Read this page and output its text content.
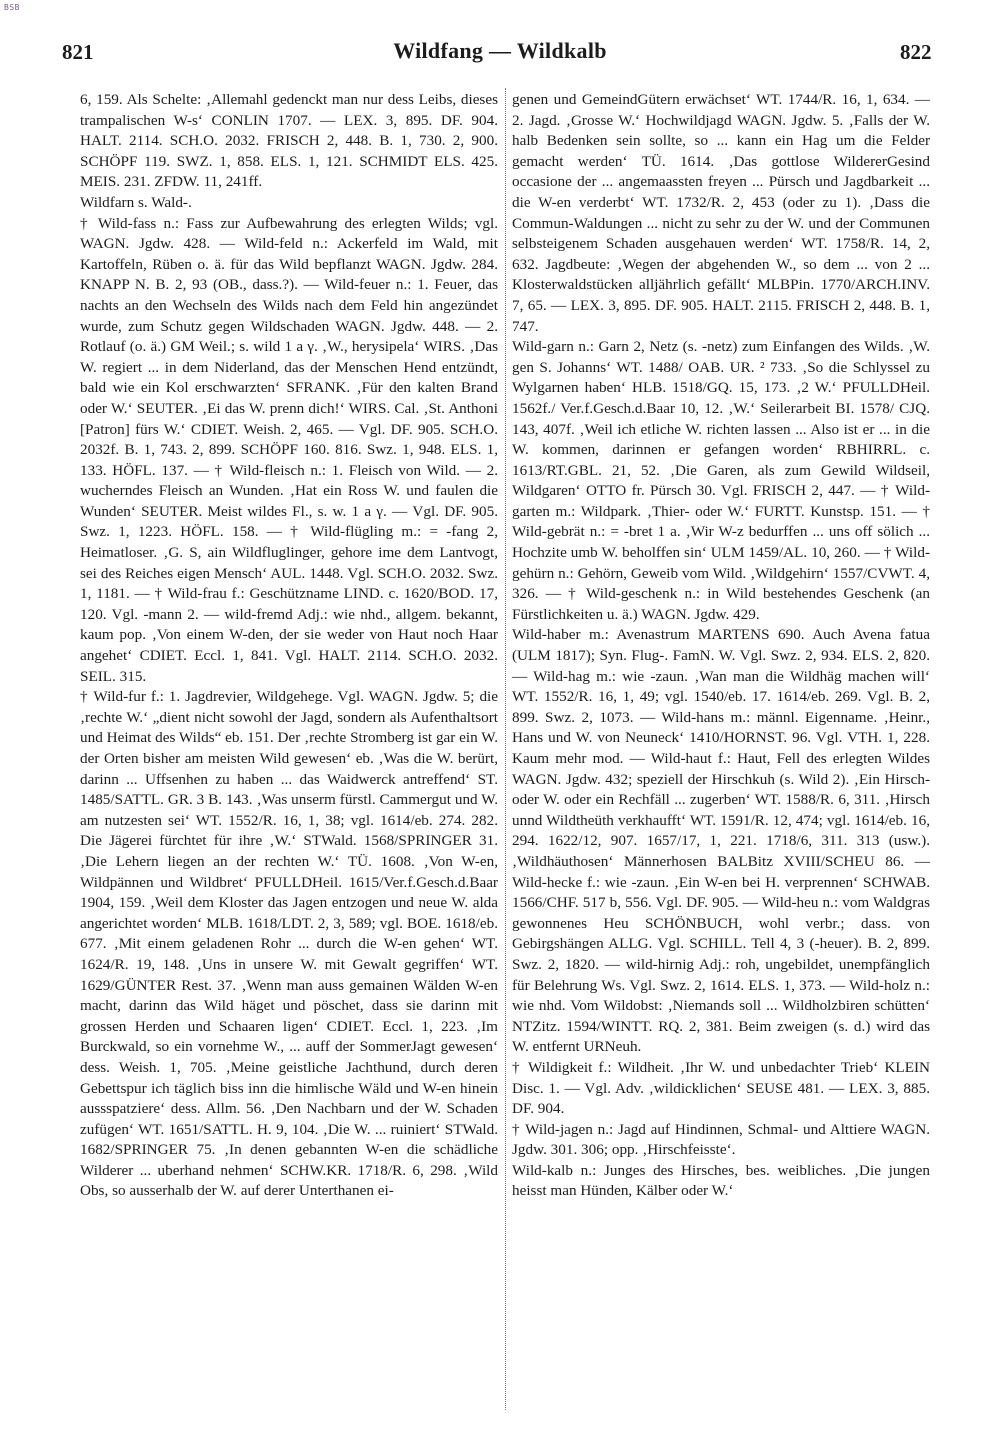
BSB
821	Wildfang — Wildkalb	822

6, 159. Als Schelte: ‚Allemahl gedenckt man nur dess Leibs, dieses trampalischen W-s‘ CONLIN 1707. — LEX. 3, 895. DF. 904. HALT. 2114. SCH.O. 2032. FRISCH 2, 448. B. 1, 730. 2, 900. SCHÖPF 119. SWZ. 1, 858. ELS. 1, 121. SCHMIDT ELS. 425. MEIS. 231. ZFDW. 11, 241ff.

Wildfarn s. Wald-.

† Wild-fass n.: Fass zur Aufbewahrung des erlegten Wilds; vgl. WAGN. Jgdw. 428. — Wild-feld n.: Ackerfeld im Wald, mit Kartoffeln, Rüben o. ä. für das Wild bepflanzt WAGN. Jgdw. 284. KNAPP N. B. 2, 93 (OB., dass.?). — Wild-feuer n.: 1. Feuer, das nachts an den Wechseln des Wilds nach dem Feld hin angezündet wurde, zum Schutz gegen Wildschaden WAGN. Jgdw. 448. — 2. Rotlauf (o. ä.) GM Weil.; s. wild 1 a γ. ‚W., herysipela‘ WIRS. ‚Das W. regiert ... in dem Niderland, das der Menschen Hend entzündt, bald wie ein Kol erschwarzten‘ SFRANK. ‚Für den kalten Brand oder W.‘ SEUTER. ‚Ei das W. prenn dich!‘ WIRS. Cal. ‚St. Anthoni [Patron] fürs W.‘ CDIET. Weish. 2, 465. — Vgl. DF. 905. SCH.O. 2032f. B. 1, 743. 2, 899. SCHÖPF 160. 816. Swz. 1, 948. ELS. 1, 133. HÖFL. 137. — † Wild-fleisch n.: 1. Fleisch von Wild. — 2. wucherndes Fleisch an Wunden. ‚Hat ein Ross W. und faulen die Wunden‘ SEUTER. Meist wildes Fl., s. w. 1 a γ. — Vgl. DF. 905. Swz. 1, 1223. HÖFL. 158. — † Wild-flügling m.: = -fang 2, Heimatloser. ‚G. S, ain Wildfluglinger, gehore ime dem Lantvogt, sei des Reiches eigen Mensch‘ AUL. 1448. Vgl. SCH.O. 2032. Swz. 1, 1181. — † Wild-frau f.: Geschützname LIND. c. 1620/BOD. 17, 120. Vgl. -mann 2. — wild-fremd Adj.: wie nhd., allgem. bekannt, kaum pop. ‚Von einem W-den, der sie weder von Haut noch Haar angehet‘ CDIET. Eccl. 1, 841. Vgl. HALT. 2114. SCH.O. 2032. SEIL. 315.

† Wild-fur f.: 1. Jagdrevier, Wildgehege. Vgl. WAGN. Jgdw. 5; die ‚rechte W.‘ „dient nicht sowohl der Jagd, sondern als Aufenthaltsort und Heimat des Wilds“ eb. 151. Der ‚rechte Stromberg ist gar ein W. der Orten bisher am meisten Wild gewesen‘ eb. ‚Was die W. berürt, darinn ... Uffsenhen zu haben ... das Waidwerck antreffend‘ ST. 1485/SATTL. GR. 3 B. 143. ‚Was unserm fürstl. Cammergut und W. am nutzesten sei‘ WT. 1552/R. 16, 1, 38; vgl. 1614/eb. 274. 282. Die Jägerei fürchtet für ihre ‚W.‘ STWald. 1568/SPRINGER 31. ‚Die Lehern liegen an der rechten W.‘ TÜ. 1608. ‚Von W-en, Wildpännen und Wildbret‘ PFULLDHeil. 1615/Ver.f.Gesch.d.Baar 1904, 159. ‚Weil dem Kloster das Jagen entzogen und neue W. alda angerichtet worden‘ MLB. 1618/LDT. 2, 3, 589; vgl. BOE. 1618/eb. 677. ‚Mit einem geladenen Rohr ... durch die W-en gehen‘ WT. 1624/R. 19, 148. ‚Uns in unsere W. mit Gewalt gegriffen‘ WT. 1629/GÜNTER Rest. 37. ‚Wenn man auss gemainen Wälden W-en macht, darinn das Wild häget und pöschet, dass sie darinn mit grossen Herden und Schaaren ligen‘ CDIET. Eccl. 1, 223. ‚Im Burckwald, so ein vornehme W., ... auff der SommerJagt gewesen‘ dess. Weish. 1, 705. ‚Meine geistliche Jachthund, durch deren Gebettspur ich täglich biss inn die himlische Wäld und W-en hinein aussspatziere‘ dess. Allm. 56. ‚Den Nachbarn und der W. Schaden zufügen‘ WT. 1651/SATTL. H. 9, 104. ‚Die W. ... ruiniert‘ STWald. 1682/SPRINGER 75. ‚In denen gebannten W-en die schädliche Wilderer ... uberhand nehmen‘ SCHW.KR. 1718/R. 6, 298. ‚Wild Obs, so ausserhalb der W. auf derer Unterthanen ei-

genen und GemeindGütern erwächset‘ WT. 1744/R. 16, 1, 634. — 2. Jagd. ‚Grosse W.‘ Hochwildjagd WAGN. Jgdw. 5. ‚Falls der W. halb Bedenken sein sollte, so ... kann ein Hag um die Felder gemacht werden‘ TÜ. 1614. ‚Das gottlose WildererGesind occasione der ... angemaassten freyen ... Pürsch und Jagdbarkeit ... die W-en verderbt‘ WT. 1732/R. 2, 453 (oder zu 1). ‚Dass die Commun-Waldungen ... nicht zu sehr zu der W. und der Communen selbsteigenem Schaden ausgehauen werden‘ WT. 1758/R. 14, 2, 632. Jagdbeute: ‚Wegen der abgehenden W., so dem ... von 2 ... Klosterwaldstücken alljährlich gefällt‘ MLBPin. 1770/ARCH.INV. 7, 65. — LEX. 3, 895. DF. 905. HALT. 2115. FRISCH 2, 448. B. 1, 747.

Wild-garn n.: Garn 2, Netz (s. -netz) zum Einfangen des Wilds. ‚W. gen S. Johanns‘ WT. 1488/ OAB. UR. ² 733. ‚So die Schlyssel zu Wylgarnen haben‘ HLB. 1518/GQ. 15, 173. ‚2 W.‘ PFULLDHeil. 1562f./ Ver.f.Gesch.d.Baar 10, 12. ‚W.‘ Seilerarbeit BI. 1578/ CJQ. 143, 407f. ‚Weil ich etliche W. richten lassen ... Also ist er ... in die W. kommen, darinnen er gefangen worden‘ RBHIRRL. c. 1613/RT.GBL. 21, 52. ‚Die Garen, als zum Gewild Wildseil, Wildgaren‘ OTTO fr. Pürsch 30. Vgl. FRISCH 2, 447. — † Wild-garten m.: Wildpark. ‚Thier- oder W.‘ FURTT. Kunstsp. 151. — † Wild-gebrät n.: = -bret 1 a. ‚Wir W-z bedurffen ... uns off sölich ... Hochzite umb W. beholffen sin‘ ULM 1459/AL. 10, 260. — † Wild-gehürn n.: Gehörn, Geweib vom Wild. ‚Wildgehirn‘ 1557/CVWT. 4, 326. — † Wild-geschenk n.: in Wild bestehendes Geschenk (an Fürstlichkeiten u. ä.) WAGN. Jgdw. 429.

Wild-haber m.: Avenastrum MARTENS 690. Auch Avena fatua (ULM 1817); Syn. Flug-. FamN. W. Vgl. Swz. 2, 934. ELS. 2, 820. — Wild-hag m.: wie -zaun. ‚Wan man die Wildhäg machen will‘ WT. 1552/R. 16, 1, 49; vgl. 1540/eb. 17. 1614/eb. 269. Vgl. B. 2, 899. Swz. 2, 1073. — Wild-hans m.: männl. Eigenname. ‚Heinr., Hans und W. von Neuneck‘ 1410/HORNST. 96. Vgl. VTH. 1, 228. Kaum mehr mod. — Wild-haut f.: Haut, Fell des erlegten Wildes WAGN. Jgdw. 432; speziell der Hirschkuh (s. Wild 2). ‚Ein Hirsch- oder W. oder ein Rechfäll ... zugerben‘ WT. 1588/R. 6, 311. ‚Hirsch unnd Wildtheüth verkhaufft‘ WT. 1591/R. 12, 474; vgl. 1614/eb. 16, 294. 1622/12, 907. 1657/17, 1, 221. 1718/6, 311. 313 (usw.). ‚Wildhäuthosen‘ Männerhosen BALBitz XVIII/SCHEU 86. — Wild-hecke f.: wie -zaun. ‚Ein W-en bei H. verprennen‘ SCHWAB. 1566/CHF. 517 b, 556. Vgl. DF. 905. — Wild-heu n.: vom Waldgras gewonnenes Heu SCHÖNBUCH, wohl verbr.; dass. von Gebirgshängen ALLG. Vgl. SCHILL. Tell 4, 3 (-heuer). B. 2, 899. Swz. 2, 1820. — wild-hirnig Adj.: roh, ungebildet, unempfänglich für Belehrung Ws. Vgl. Swz. 2, 1614. ELS. 1, 373. — Wild-holz n.: wie nhd. Vom Wildobst: ‚Niemands soll ... Wildholzbiren schütten‘ NTZitz. 1594/WINTT. RQ. 2, 381. Beim zweigen (s. d.) wird das W. entfernt URNeuh.

† Wildigkeit f.: Wildheit. ‚Ihr W. und unbedachter Trieb‘ KLEIN Disc. 1. — Vgl. Adv. ‚wildicklichen‘ SEUSE 481. — LEX. 3, 885. DF. 904.

† Wild-jagen n.: Jagd auf Hindinnen, Schmal- und Alttiere WAGN. Jgdw. 301. 306; opp. ‚Hirschfeisste‘.

Wild-kalb n.: Junges des Hirsches, bes. weibliches. ‚Die jungen heisst man Hünden, Kälber oder W.‘
